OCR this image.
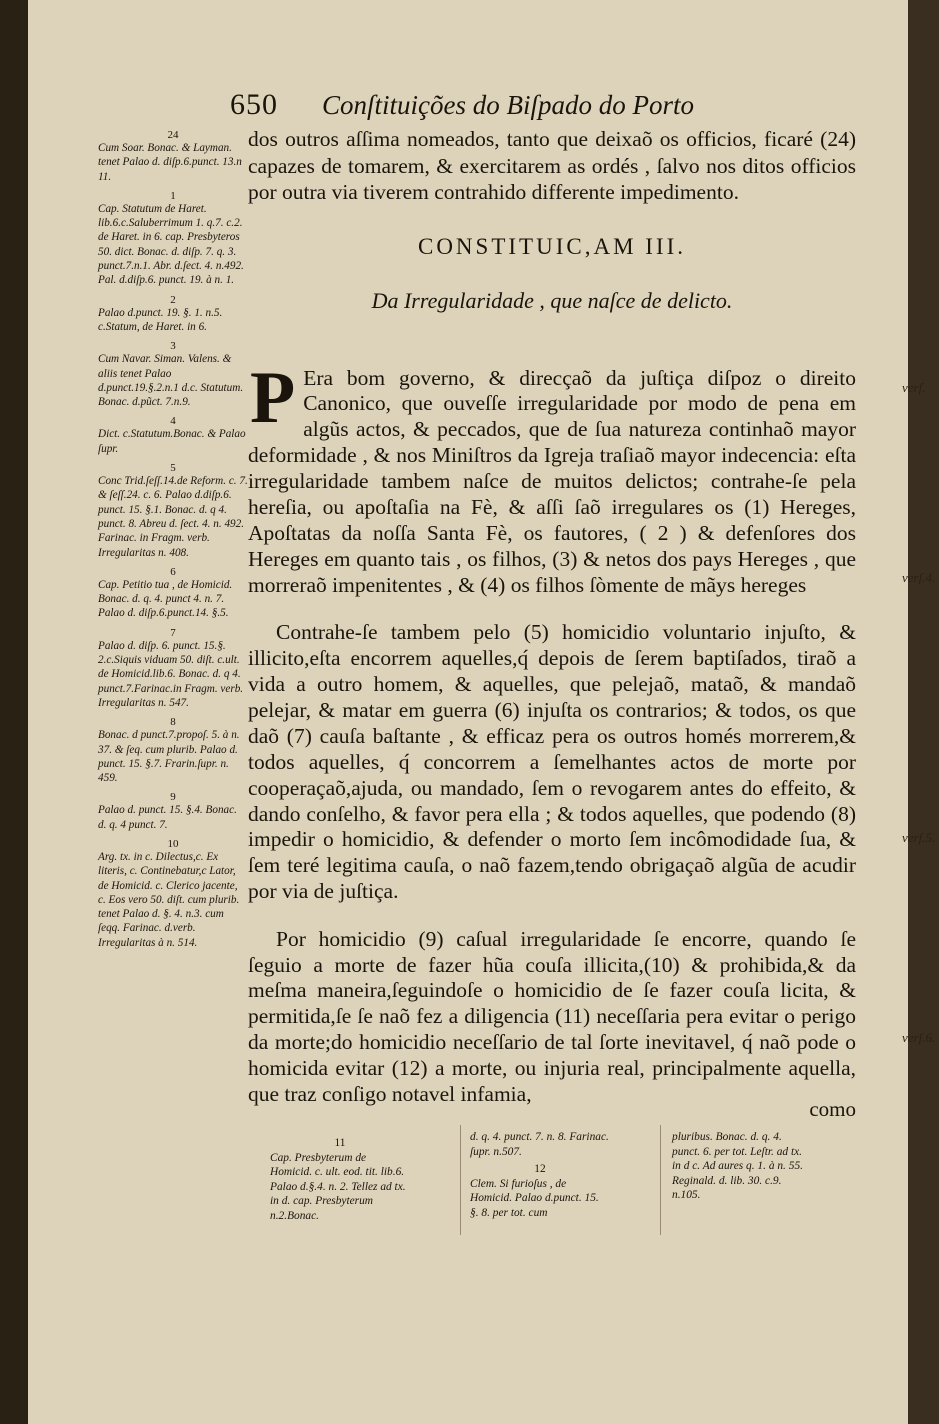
verſ.
verſ.4.
verſ.5.
verſ.6.
650 Conſtituições do Biſpado do Porto

dos outros aſſima nomeados, tanto que deixaõ os officios, ficaré (24) capazes de tomarem, & exercitarem as ordés , ſalvo nos ditos officios por outra via tiverem contrahido differente impedimento.

CONSTITUIC,AM III.
Da Irregularidade , que naſce de delicto.

P Era bom governo, & direcçaõ da juſtiça diſpoz o direito Canonico, que ouveſſe irregularidade por modo de pena em algũs actos, & peccados, que de ſua natureza continhaõ mayor deformidade , & nos Miniſtros da Igreja traſiaõ mayor indecencia: eſta irregularidade tambem naſce de muitos delictos; contrahe-ſe pela hereſia, ou apoſtaſia na Fè, & aſſi ſaõ irregulares os (1) Hereges, Apoſtatas da noſſa Santa Fè, os fautores, ( 2 ) & defenſores dos Hereges em quanto tais , os filhos, (3) & netos dos pays Hereges , que morreraõ impenitentes , & (4) os filhos ſòmente de mãys hereges

Contrahe-ſe tambem pelo (5) homicidio voluntario injuſto, & illicito,eſta encorrem aquelles,q́ depois de ſerem baptiſados, tiraõ a vida a outro homem, & aquelles, que pelejaõ, mataõ, & mandaõ pelejar, & matar em guerra (6) injuſta os contrarios; & todos, os que daõ (7) cauſa baſtante , & efficaz pera os outros homés morrerem,& todos aquelles, q́ concorrem a ſemelhantes actos de morte por cooperaçaõ,ajuda, ou mandado, ſem o revogarem antes do effeito, & dando conſelho, & favor pera ella ; & todos aquelles, que podendo (8) impedir o homicidio, & defender o morto ſem incômodidade ſua, & ſem teré legitima cauſa, o naõ fazem,tendo obrigaçaõ algũa de acudir por via de juſtiça.

Por homicidio (9) caſual irregularidade ſe encorre, quando ſe ſeguio a morte de fazer hũa couſa illicita,(10) & prohibida,& da meſma maneira,ſeguindoſe o homicidio de ſe fazer couſa licita, & permitida,ſe ſe naõ fez a diligencia (11) neceſſaria pera evitar o perigo da morte;do homicidio neceſſario de tal ſorte inevitavel, q́ naõ pode o homicida evitar (12) a morte, ou injuria real, principalmente aquella, que traz conſigo notavel infamia,

como
24
Cum Soar. Bonac. & Layman. tenet Palao d. diſp.6.punct. 13.n 11.
1
Cap. Statutum de Haret. lib.6.c.Saluberrimum 1. q.7. c.2. de Haret. in 6. cap. Presbyteros 50. dict. Bonac. d. diſp. 7. q. 3. punct.7.n.1. Abr. d.ſect. 4. n.492. Pal. d.diſp.6. punct. 19. à n. 1.
2
Palao d.punct. 19. §. 1. n.5. c.Statum, de Haret. in 6.
3
Cum Navar. Siman. Valens. & aliis tenet Palao d.punct.19.§.2.n.1 d.c. Statutum. Bonac. d.pũct. 7.n.9.
4
Dict. c.Statutum.Bonac. & Palao ſupr.
5
Conc Trid.ſeſſ.14.de Reform. c. 7. & ſeſſ.24. c. 6. Palao d.diſp.6. punct. 15. §.1. Bonac. d. q 4. punct. 8. Abreu d. ſect. 4. n. 492. Farinac. in Fragm. verb. Irregularitas n. 408.
6
Cap. Petitio tua , de Homicid. Bonac. d. q. 4. punct 4. n. 7. Palao d. diſp.6.punct.14. §.5.
7
Palao d. diſp. 6. punct. 15.§. 2.c.Siquis viduam 50. diſt. c.ult. de Homicid.lib.6. Bonac. d. q 4. punct.7.Farinac.in Fragm. verb. Irregularitas n. 547.
8
Bonac. d punct.7.propoſ. 5. à n. 37. & ſeq. cum plurib. Palao d. punct. 15. §.7. Frarin.ſupr. n. 459.
9
Palao d. punct. 15. §.4. Bonac. d. q. 4 punct. 7.
10
Arg. tx. in c. Dilectus,c. Ex literis, c. Continebatur,c Lator, de Homicid. c. Clerico jacente, c. Eos vero 50. diſt. cum plurib. tenet Palao d. §. 4. n.3. cum ſeqq. Farinac. d.verb. Irregularitas à n. 514.
11
Cap. Presbyterum de Homicid. c. ult. eod. tit. lib.6. Palao d.§.4. n. 2. Tellez ad tx. in d. cap. Presbyterum n.2.Bonac.
d. q. 4. punct. 7. n. 8. Farinac. ſupr. n.507.
12
Clem. Si furioſus , de Homicid. Palao d.punct. 15. §. 8. per tot. cum
pluribus. Bonac. d. q. 4. punct. 6. per tot. Leſtr. ad tx. in d c. Ad aures q. 1. à n. 55. Reginald. d. lib. 30. c.9. n.105.
